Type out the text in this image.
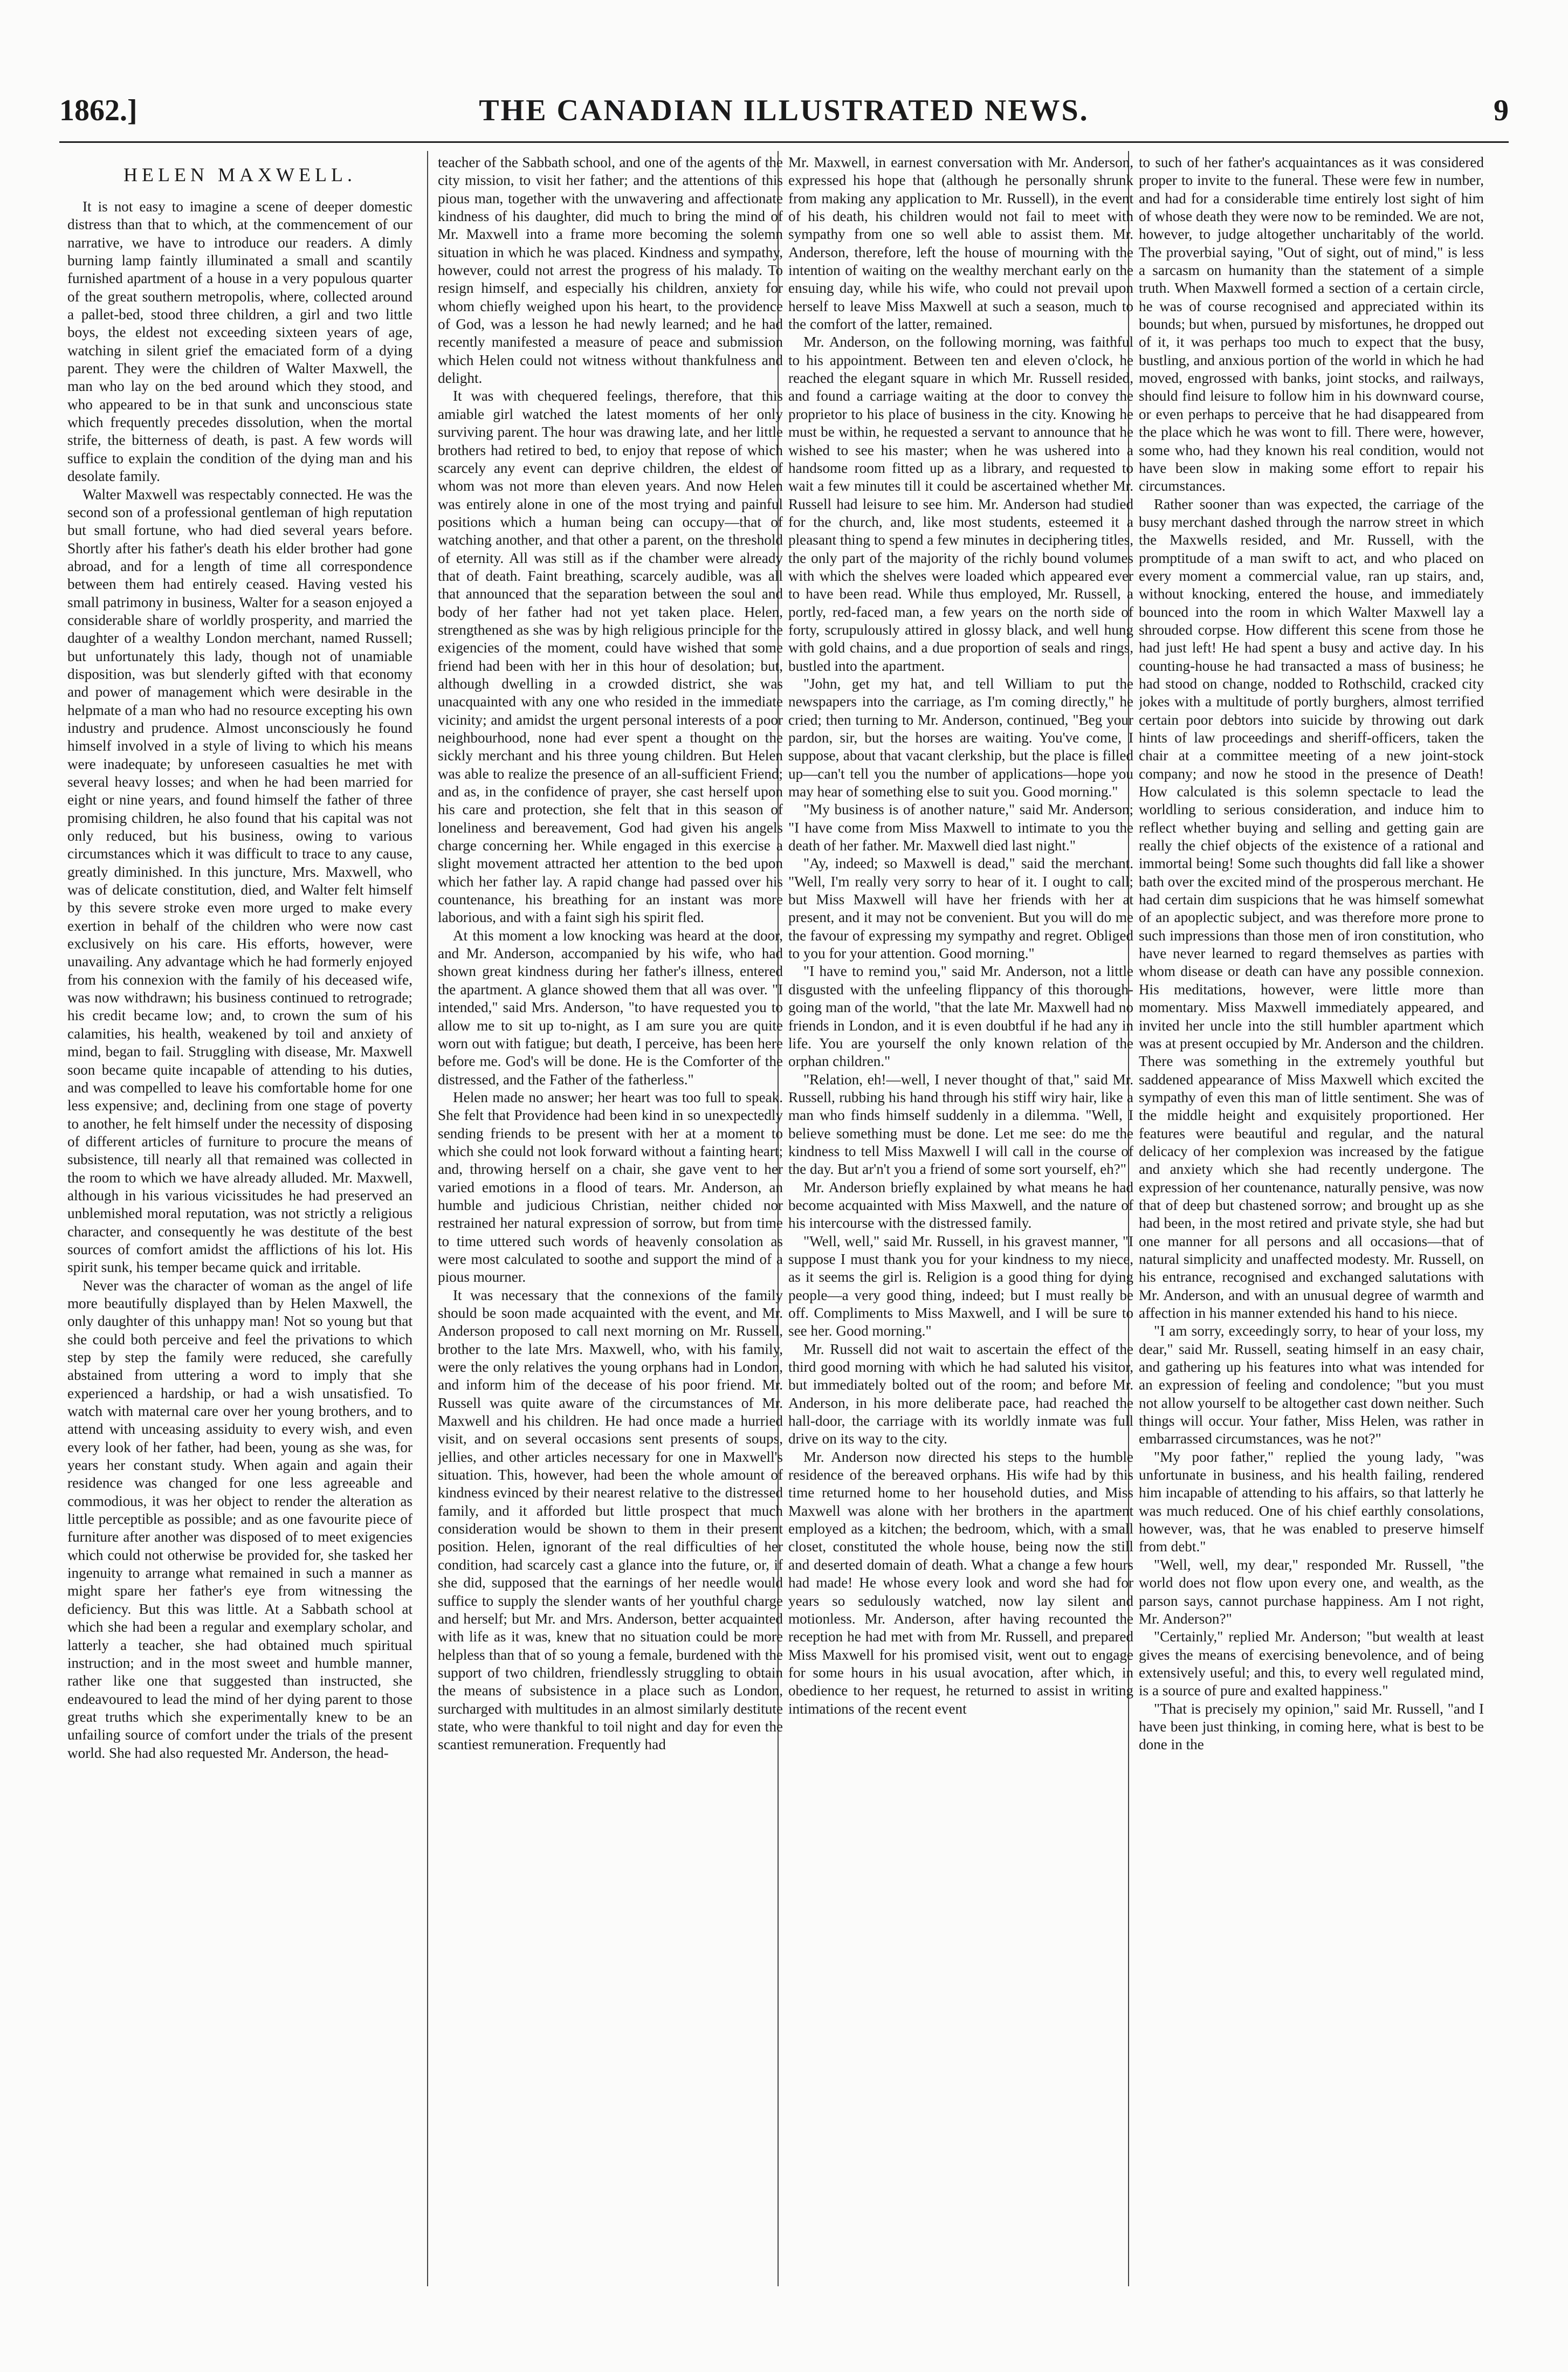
1862.]	THE CANADIAN ILLUSTRATED NEWS.	9
HELEN MAXWELL.

It is not easy to imagine a scene of deeper domestic distress than that to which, at the commencement of our narrative, we have to introduce our readers. A dimly burning lamp faintly illuminated a small and scantily furnished apartment of a house in a very populous quarter of the great southern metropolis, where, collected around a pallet-bed, stood three children, a girl and two little boys, the eldest not exceeding sixteen years of age, watching in silent grief the emaciated form of a dying parent. They were the children of Walter Maxwell, the man who lay on the bed around which they stood, and who appeared to be in that sunk and unconscious state which frequently precedes dissolution, when the mortal strife, the bitterness of death, is past. A few words will suffice to explain the condition of the dying man and his desolate family.

Walter Maxwell was respectably connected. He was the second son of a professional gentleman of high reputation but small fortune, who had died several years before. Shortly after his father's death his elder brother had gone abroad, and for a length of time all correspondence between them had entirely ceased. Having vested his small patrimony in business, Walter for a season enjoyed a considerable share of worldly prosperity, and married the daughter of a wealthy London merchant, named Russell; but unfortunately this lady, though not of unamiable disposition, was but slenderly gifted with that economy and power of management which were desirable in the helpmate of a man who had no resource excepting his own industry and prudence. Almost unconsciously he found himself involved in a style of living to which his means were inadequate; by unforeseen casualties he met with several heavy losses; and when he had been married for eight or nine years, and found himself the father of three promising children, he also found that his capital was not only reduced, but his business, owing to various circumstances which it was difficult to trace to any cause, greatly diminished. In this juncture, Mrs. Maxwell, who was of delicate constitution, died, and Walter felt himself by this severe stroke even more urged to make every exertion in behalf of the children who were now cast exclusively on his care. His efforts, however, were unavailing. Any advantage which he had formerly enjoyed from his connexion with the family of his deceased wife, was now withdrawn; his business continued to retrograde; his credit became low; and, to crown the sum of his calamities, his health, weakened by toil and anxiety of mind, began to fail. Struggling with disease, Mr. Maxwell soon became quite incapable of attending to his duties, and was compelled to leave his comfortable home for one less expensive; and, declining from one stage of poverty to another, he felt himself under the necessity of disposing of different articles of furniture to procure the means of subsistence, till nearly all that remained was collected in the room to which we have already alluded. Mr. Maxwell, although in his various vicissitudes he had preserved an unblemished moral reputation, was not strictly a religious character, and consequently he was destitute of the best sources of comfort amidst the afflictions of his lot. His spirit sunk, his temper became quick and irritable.

Never was the character of woman as the angel of life more beautifully displayed than by Helen Maxwell, the only daughter of this unhappy man! Not so young but that she could both perceive and feel the privations to which step by step the family were reduced, she carefully abstained from uttering a word to imply that she experienced a hardship, or had a wish unsatisfied. To watch with maternal care over her young brothers, and to attend with unceasing assiduity to every wish, and even every look of her father, had been, young as she was, for years her constant study. When again and again their residence was changed for one less agreeable and commodious, it was her object to render the alteration as little perceptible as possible; and as one favourite piece of furniture after another was disposed of to meet exigencies which could not otherwise be provided for, she tasked her ingenuity to arrange what remained in such a manner as might spare her father's eye from witnessing the deficiency. But this was little. At a Sabbath school at which she had been a regular and exemplary scholar, and latterly a teacher, she had obtained much spiritual instruction; and in the most sweet and humble manner, rather like one that suggested than instructed, she endeavoured to lead the mind of her dying parent to those great truths which she experimentally knew to be an unfailing source of comfort under the trials of the present world. She had also requested Mr. Anderson, the head-

teacher of the Sabbath school, and one of the agents of the city mission, to visit her father; and the attentions of this pious man, together with the unwavering and affectionate kindness of his daughter, did much to bring the mind of Mr. Maxwell into a frame more becoming the solemn situation in which he was placed. Kindness and sympathy, however, could not arrest the progress of his malady. To resign himself, and especially his children, anxiety for whom chiefly weighed upon his heart, to the providence of God, was a lesson he had newly learned; and he had recently manifested a measure of peace and submission which Helen could not witness without thankfulness and delight.

It was with chequered feelings, therefore, that this amiable girl watched the latest moments of her only surviving parent. The hour was drawing late, and her little brothers had retired to bed, to enjoy that repose of which scarcely any event can deprive children, the eldest of whom was not more than eleven years. And now Helen was entirely alone in one of the most trying and painful positions which a human being can occupy—that of watching another, and that other a parent, on the threshold of eternity. All was still as if the chamber were already that of death. Faint breathing, scarcely audible, was all that announced that the separation between the soul and body of her father had not yet taken place. Helen, strengthened as she was by high religious principle for the exigencies of the moment, could have wished that some friend had been with her in this hour of desolation; but, although dwelling in a crowded district, she was unacquainted with any one who resided in the immediate vicinity; and amidst the urgent personal interests of a poor neighbourhood, none had ever spent a thought on the sickly merchant and his three young children. But Helen was able to realize the presence of an all-sufficient Friend; and as, in the confidence of prayer, she cast herself upon his care and protection, she felt that in this season of loneliness and bereavement, God had given his angels charge concerning her. While engaged in this exercise a slight movement attracted her attention to the bed upon which her father lay. A rapid change had passed over his countenance, his breathing for an instant was more laborious, and with a faint sigh his spirit fled.

At this moment a low knocking was heard at the door, and Mr. Anderson, accompanied by his wife, who had shown great kindness during her father's illness, entered the apartment. A glance showed them that all was over. "I intended," said Mrs. Anderson, "to have requested you to allow me to sit up to-night, as I am sure you are quite worn out with fatigue; but death, I perceive, has been here before me. God's will be done. He is the Comforter of the distressed, and the Father of the fatherless."

Helen made no answer; her heart was too full to speak. She felt that Providence had been kind in so unexpectedly sending friends to be present with her at a moment to which she could not look forward without a fainting heart; and, throwing herself on a chair, she gave vent to her varied emotions in a flood of tears. Mr. Anderson, an humble and judicious Christian, neither chided nor restrained her natural expression of sorrow, but from time to time uttered such words of heavenly consolation as were most calculated to soothe and support the mind of a pious mourner.

It was necessary that the connexions of the family should be soon made acquainted with the event, and Mr. Anderson proposed to call next morning on Mr. Russell, brother to the late Mrs. Maxwell, who, with his family, were the only relatives the young orphans had in London, and inform him of the decease of his poor friend. Mr. Russell was quite aware of the circumstances of Mr. Maxwell and his children. He had once made a hurried visit, and on several occasions sent presents of soups, jellies, and other articles necessary for one in Maxwell's situation. This, however, had been the whole amount of kindness evinced by their nearest relative to the distressed family, and it afforded but little prospect that much consideration would be shown to them in their present position. Helen, ignorant of the real difficulties of her condition, had scarcely cast a glance into the future, or, if she did, supposed that the earnings of her needle would suffice to supply the slender wants of her youthful charge and herself; but Mr. and Mrs. Anderson, better acquainted with life as it was, knew that no situation could be more helpless than that of so young a female, burdened with the support of two children, friendlessly struggling to obtain the means of subsistence in a place such as London, surcharged with multitudes in an almost similarly destitute state, who were thankful to toil night and day for even the scantiest remuneration. Frequently had

Mr. Maxwell, in earnest conversation with Mr. Anderson, expressed his hope that (although he personally shrunk from making any application to Mr. Russell), in the event of his death, his children would not fail to meet with sympathy from one so well able to assist them. Mr. Anderson, therefore, left the house of mourning with the intention of waiting on the wealthy merchant early on the ensuing day, while his wife, who could not prevail upon herself to leave Miss Maxwell at such a season, much to the comfort of the latter, remained.

Mr. Anderson, on the following morning, was faithful to his appointment. Between ten and eleven o'clock, he reached the elegant square in which Mr. Russell resided, and found a carriage waiting at the door to convey the proprietor to his place of business in the city. Knowing he must be within, he requested a servant to announce that he wished to see his master; when he was ushered into a handsome room fitted up as a library, and requested to wait a few minutes till it could be ascertained whether Mr. Russell had leisure to see him. Mr. Anderson had studied for the church, and, like most students, esteemed it a pleasant thing to spend a few minutes in deciphering titles, the only part of the majority of the richly bound volumes with which the shelves were loaded which appeared ever to have been read. While thus employed, Mr. Russell, a portly, red-faced man, a few years on the north side of forty, scrupulously attired in glossy black, and well hung with gold chains, and a due proportion of seals and rings, bustled into the apartment.

"John, get my hat, and tell William to put the newspapers into the carriage, as I'm coming directly," he cried; then turning to Mr. Anderson, continued, "Beg your pardon, sir, but the horses are waiting. You've come, I suppose, about that vacant clerkship, but the place is filled up—can't tell you the number of applications—hope you may hear of something else to suit you. Good morning."

"My business is of another nature," said Mr. Anderson; "I have come from Miss Maxwell to intimate to you the death of her father. Mr. Maxwell died last night."

"Ay, indeed; so Maxwell is dead," said the merchant. "Well, I'm really very sorry to hear of it. I ought to call; but Miss Maxwell will have her friends with her at present, and it may not be convenient. But you will do me the favour of expressing my sympathy and regret. Obliged to you for your attention. Good morning."

"I have to remind you," said Mr. Anderson, not a little disgusted with the unfeeling flippancy of this thorough-going man of the world, "that the late Mr. Maxwell had no friends in London, and it is even doubtful if he had any in life. You are yourself the only known relation of the orphan children."

"Relation, eh!—well, I never thought of that," said Mr. Russell, rubbing his hand through his stiff wiry hair, like a man who finds himself suddenly in a dilemma. "Well, I believe something must be done. Let me see: do me the kindness to tell Miss Maxwell I will call in the course of the day. But ar'n't you a friend of some sort yourself, eh?"

Mr. Anderson briefly explained by what means he had become acquainted with Miss Maxwell, and the nature of his intercourse with the distressed family.

"Well, well," said Mr. Russell, in his gravest manner, "I suppose I must thank you for your kindness to my niece, as it seems the girl is. Religion is a good thing for dying people—a very good thing, indeed; but I must really be off. Compliments to Miss Maxwell, and I will be sure to see her. Good morning."

Mr. Russell did not wait to ascertain the effect of the third good morning with which he had saluted his visitor, but immediately bolted out of the room; and before Mr. Anderson, in his more deliberate pace, had reached the hall-door, the carriage with its worldly inmate was full drive on its way to the city.

Mr. Anderson now directed his steps to the humble residence of the bereaved orphans. His wife had by this time returned home to her household duties, and Miss Maxwell was alone with her brothers in the apartment employed as a kitchen; the bedroom, which, with a small closet, constituted the whole house, being now the still and deserted domain of death. What a change a few hours had made! He whose every look and word she had for years so sedulously watched, now lay silent and motionless. Mr. Anderson, after having recounted the reception he had met with from Mr. Russell, and prepared Miss Maxwell for his promised visit, went out to engage for some hours in his usual avocation, after which, in obedience to her request, he returned to assist in writing intimations of the recent event

to such of her father's acquaintances as it was considered proper to invite to the funeral. These were few in number, and had for a considerable time entirely lost sight of him of whose death they were now to be reminded. We are not, however, to judge altogether uncharitably of the world. The proverbial saying, "Out of sight, out of mind," is less a sarcasm on humanity than the statement of a simple truth. When Maxwell formed a section of a certain circle, he was of course recognised and appreciated within its bounds; but when, pursued by misfortunes, he dropped out of it, it was perhaps too much to expect that the busy, bustling, and anxious portion of the world in which he had moved, engrossed with banks, joint stocks, and railways, should find leisure to follow him in his downward course, or even perhaps to perceive that he had disappeared from the place which he was wont to fill. There were, however, some who, had they known his real condition, would not have been slow in making some effort to repair his circumstances.

Rather sooner than was expected, the carriage of the busy merchant dashed through the narrow street in which the Maxwells resided, and Mr. Russell, with the promptitude of a man swift to act, and who placed on every moment a commercial value, ran up stairs, and, without knocking, entered the house, and immediately bounced into the room in which Walter Maxwell lay a shrouded corpse. How different this scene from those he had just left! He had spent a busy and active day. In his counting-house he had transacted a mass of business; he had stood on change, nodded to Rothschild, cracked city jokes with a multitude of portly burghers, almost terrified certain poor debtors into suicide by throwing out dark hints of law proceedings and sheriff-officers, taken the chair at a committee meeting of a new joint-stock company; and now he stood in the presence of Death! How calculated is this solemn spectacle to lead the worldling to serious consideration, and induce him to reflect whether buying and selling and getting gain are really the chief objects of the existence of a rational and immortal being! Some such thoughts did fall like a shower bath over the excited mind of the prosperous merchant. He had certain dim suspicions that he was himself somewhat of an apoplectic subject, and was therefore more prone to such impressions than those men of iron constitution, who have never learned to regard themselves as parties with whom disease or death can have any possible connexion. His meditations, however, were little more than momentary. Miss Maxwell immediately appeared, and invited her uncle into the still humbler apartment which was at present occupied by Mr. Anderson and the children. There was something in the extremely youthful but saddened appearance of Miss Maxwell which excited the sympathy of even this man of little sentiment. She was of the middle height and exquisitely proportioned. Her features were beautiful and regular, and the natural delicacy of her complexion was increased by the fatigue and anxiety which she had recently undergone. The expression of her countenance, naturally pensive, was now that of deep but chastened sorrow; and brought up as she had been, in the most retired and private style, she had but one manner for all persons and all occasions—that of natural simplicity and unaffected modesty. Mr. Russell, on his entrance, recognised and exchanged salutations with Mr. Anderson, and with an unusual degree of warmth and affection in his manner extended his hand to his niece.

"I am sorry, exceedingly sorry, to hear of your loss, my dear," said Mr. Russell, seating himself in an easy chair, and gathering up his features into what was intended for an expression of feeling and condolence; "but you must not allow yourself to be altogether cast down neither. Such things will occur. Your father, Miss Helen, was rather in embarrassed circumstances, was he not?"

"My poor father," replied the young lady, "was unfortunate in business, and his health failing, rendered him incapable of attending to his affairs, so that latterly he was much reduced. One of his chief earthly consolations, however, was, that he was enabled to preserve himself from debt."

"Well, well, my dear," responded Mr. Russell, "the world does not flow upon every one, and wealth, as the parson says, cannot purchase happiness. Am I not right, Mr. Anderson?"

"Certainly," replied Mr. Anderson; "but wealth at least gives the means of exercising benevolence, and of being extensively useful; and this, to every well regulated mind, is a source of pure and exalted happiness."

"That is precisely my opinion," said Mr. Russell, "and I have been just thinking, in coming here, what is best to be done in the
